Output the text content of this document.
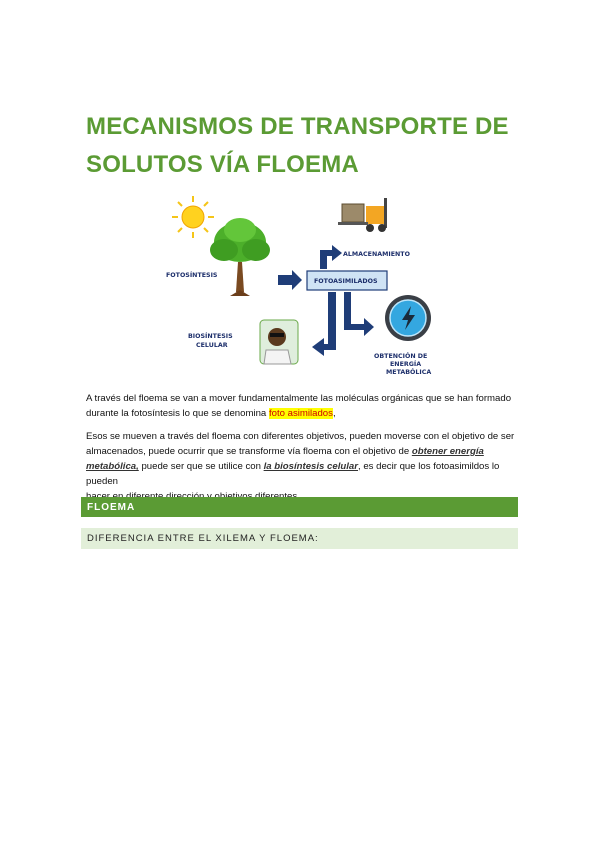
MECANISMOS DE TRANSPORTE DE SOLUTOS VÍA FLOEMA
FOTOSÍNTESIS
FOTOASIMILADOS
ALMACENAMIENTO
BIOSÍNTESIS
CELULAR
OBTENCIÓN DE
ENERGÍA
METABÓLICA

A través del floema se van a mover fundamentalmente las moléculas orgánicas que se han formado
durante la fotosíntesis lo que se denomina foto asimilados,

Esos se mueven a través del floema con diferentes objetivos, pueden moverse con el objetivo de ser
almacenados, puede ocurrir que se transforme vía floema con el objetivo de obtener energía
metabólica, puede ser que se utilice con la biosíntesis celular, es decir que los fotoasimildos lo pueden

FLOEMA
DIFERENCIA ENTRE EL XILEMA Y FLOEMA:
